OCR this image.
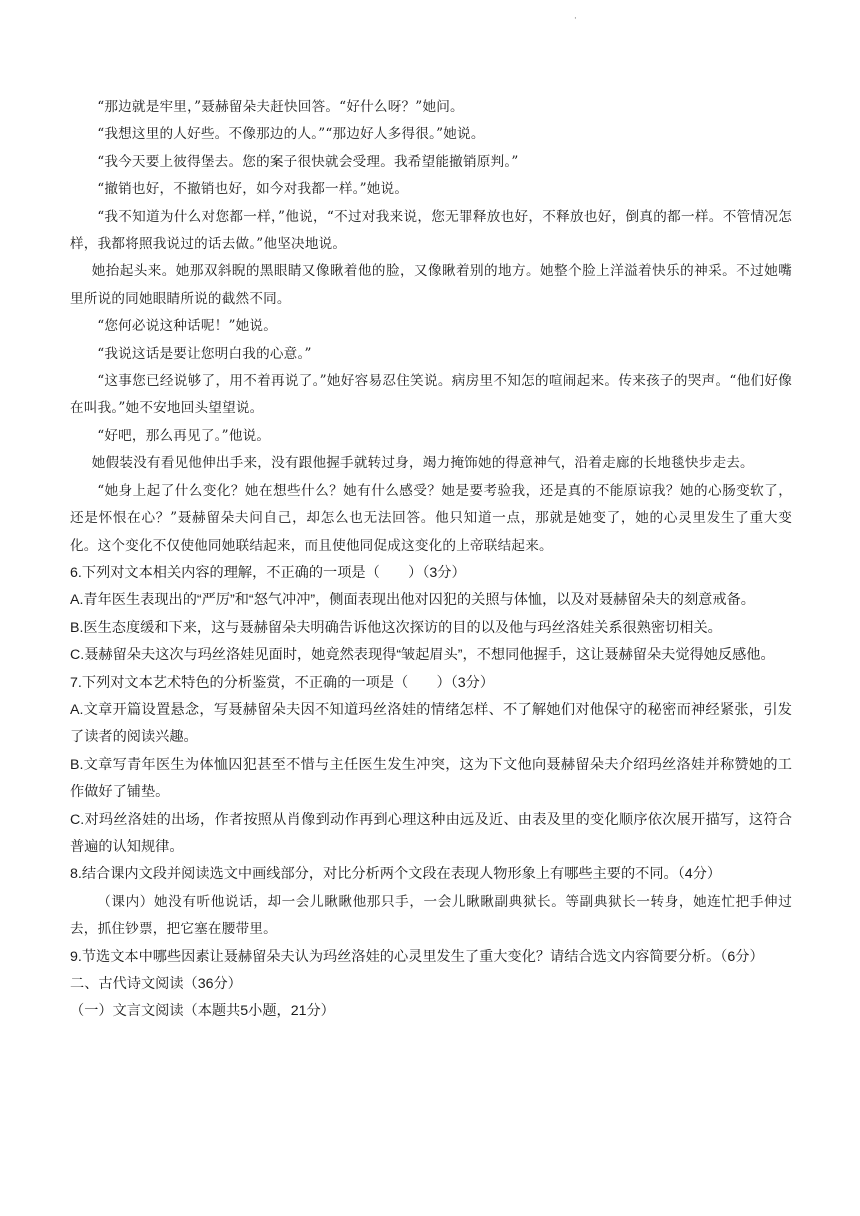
·

“那边就是牢里，”聂赫留朵夫赶快回答。“好什么呀？”她问。

“我想这里的人好些。不像那边的人。”“那边好人多得很。”她说。

“我今天要上彼得堡去。您的案子很快就会受理。我希望能撤销原判。”

“撤销也好，不撤销也好，如今对我都一样。”她说。

“我不知道为什么对您都一样，”他说，“不过对我来说，您无罪释放也好，不释放也好，倒真的都一样。不管情况怎样，我都将照我说过的话去做。”他坚决地说。

她抬起头来。她那双斜睨的黑眼睛又像瞅着他的脸，又像瞅着别的地方。她整个脸上洋溢着快乐的神采。不过她嘴里所说的同她眼睛所说的截然不同。

“您何必说这种话呢！”她说。

“我说这话是要让您明白我的心意。”

“这事您已经说够了，用不着再说了。”她好容易忍住笑说。病房里不知怎的喧闹起来。传来孩子的哭声。“他们好像在叫我。”她不安地回头望望说。

“好吧，那么再见了。”他说。

她假装没有看见他伸出手来，没有跟他握手就转过身，竭力掩饰她的得意神气，沿着走廊的长地毯快步走去。

“她身上起了什么变化？她在想些什么？她有什么感受？她是要考验我，还是真的不能原谅我？她的心肠变软了，还是怀恨在心？”聂赫留朵夫问自己，却怎么也无法回答。他只知道一点，那就是她变了，她的心灵里发生了重大变化。这个变化不仅使他同她联结起来，而且使他同促成这变化的上帝联结起来。

6.下列对文本相关内容的理解，不正确的一项是（　　）（3分）

A.青年医生表现出的“严厉”和“怒气冲冲”，侧面表现出他对囚犯的关照与体恤，以及对聂赫留朵夫的刻意戒备。

B.医生态度缓和下来，这与聂赫留朵夫明确告诉他这次探访的目的以及他与玛丝洛娃关系很熟密切相关。

C.聂赫留朵夫这次与玛丝洛娃见面时，她竟然表现得“皱起眉头”，不想同他握手，这让聂赫留朵夫觉得她反感他。

7.下列对文本艺术特色的分析鉴赏，不正确的一项是（　　）（3分）

A.文章开篇设置悬念，写聂赫留朵夫因不知道玛丝洛娃的情绪怎样、不了解她们对他保守的秘密而神经紧张，引发了读者的阅读兴趣。

B.文章写青年医生为体恤囚犯甚至不惜与主任医生发生冲突，这为下文他向聂赫留朵夫介绍玛丝洛娃并称赞她的工作做好了铺垫。

C.对玛丝洛娃的出场，作者按照从肖像到动作再到心理这种由远及近、由表及里的变化顺序依次展开描写，这符合普遍的认知规律。

8.结合课内文段并阅读选文中画线部分，对比分析两个文段在表现人物形象上有哪些主要的不同。（4分）

（课内）她没有听他说话，却一会儿瞅瞅他那只手，一会儿瞅瞅副典狱长。等副典狱长一转身，她连忙把手伸过去，抓住钞票，把它塞在腰带里。

9.节选文本中哪些因素让聂赫留朵夫认为玛丝洛娃的心灵里发生了重大变化？请结合选文内容简要分析。（6分）

二、古代诗文阅读（36分）

（一）文言文阅读（本题共5小题，21分）
